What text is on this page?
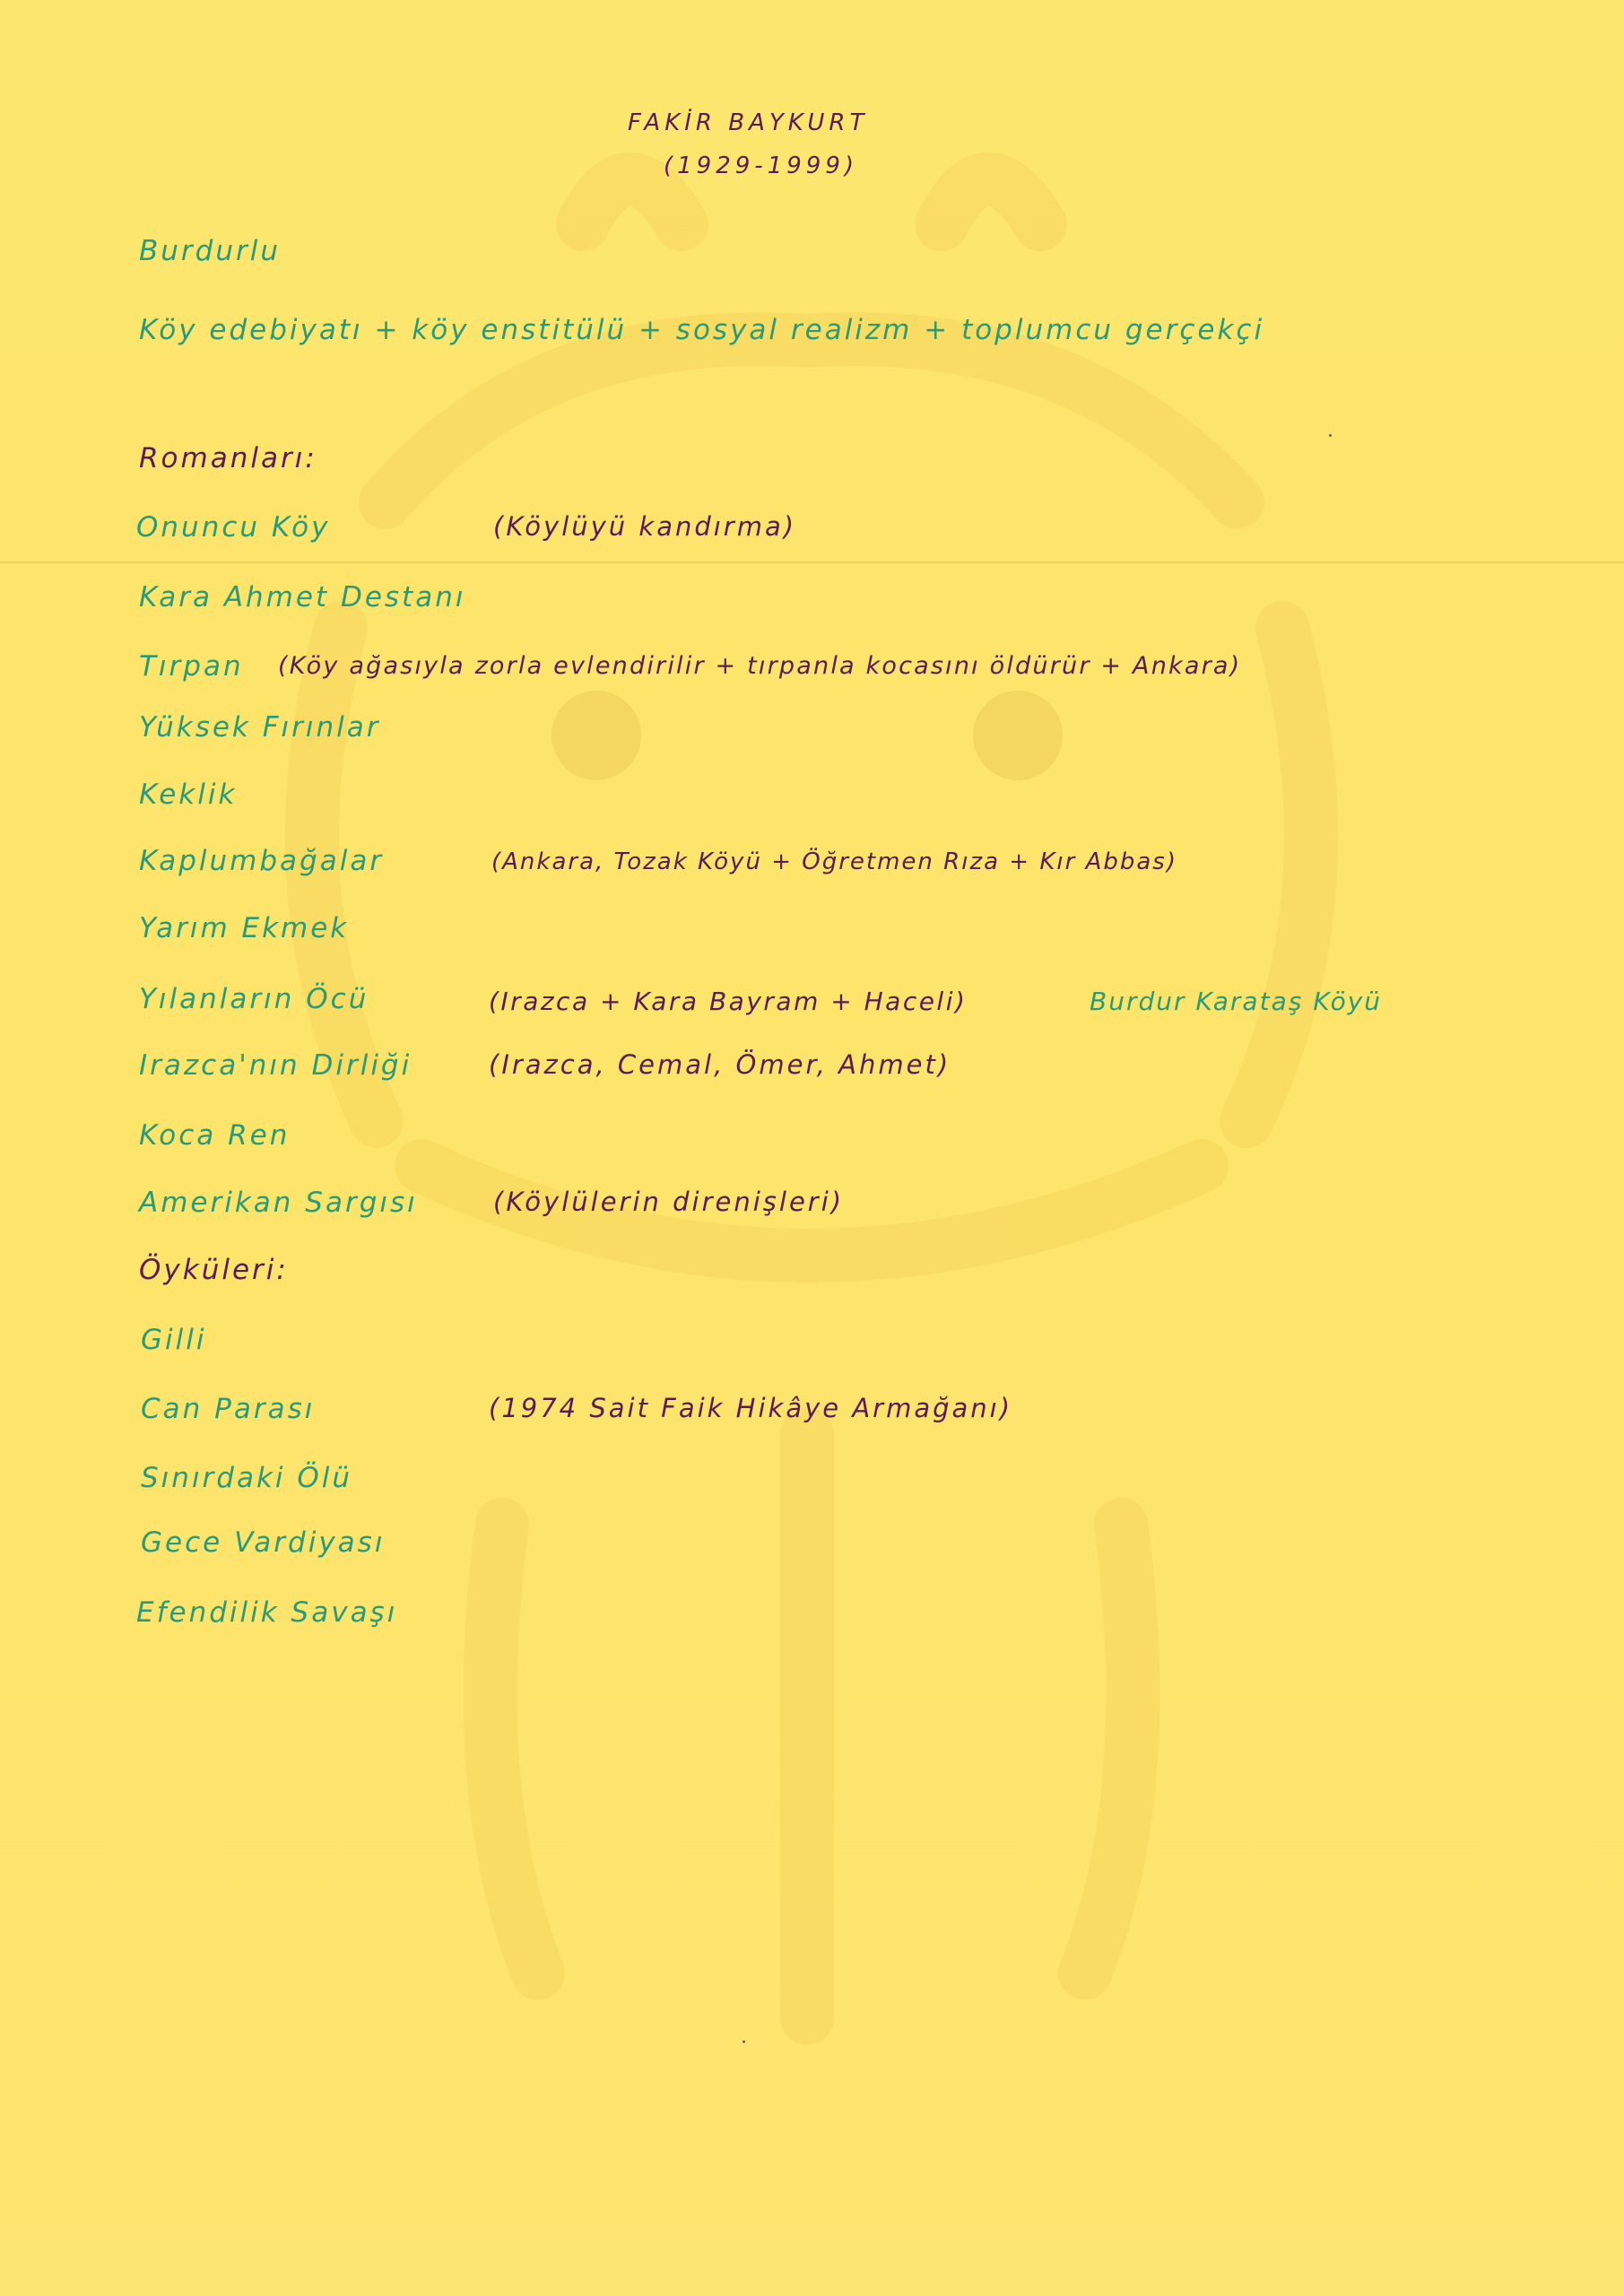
FAKİR BAYKURT
(1929-1999)
Burdurlu
Köy edebiyatı + köy enstitülü + sosyal realizm + toplumcu gerçekçi
Romanları:
Onuncu Köy	(Köylüyü kandırma)
Kara Ahmet Destanı
Tırpan (Köy ağasıyla zorla evlendirilir + tırpanla kocasını öldürür + Ankara)
Yüksek Fırınlar
Keklik
Kaplumbağalar	(Ankara, Tozak Köyü + Öğretmen Rıza + Kır Abbas)
Yarım Ekmek
Yılanların Öcü	(Irazca + Kara Bayram + Haceli)	Burdur Karataş Köyü
Irazca'nın Dirliği	(Irazca, Cemal, Ömer, Ahmet)
Koca Ren
Amerikan Sargısı	(Köylülerin direnişleri)
Öyküleri:
Gilli
Can Parası	(1974 Sait Faik Hikâye Armağanı)
Sınırdaki Ölü
Gece Vardiyası
Efendilik Savaşı
